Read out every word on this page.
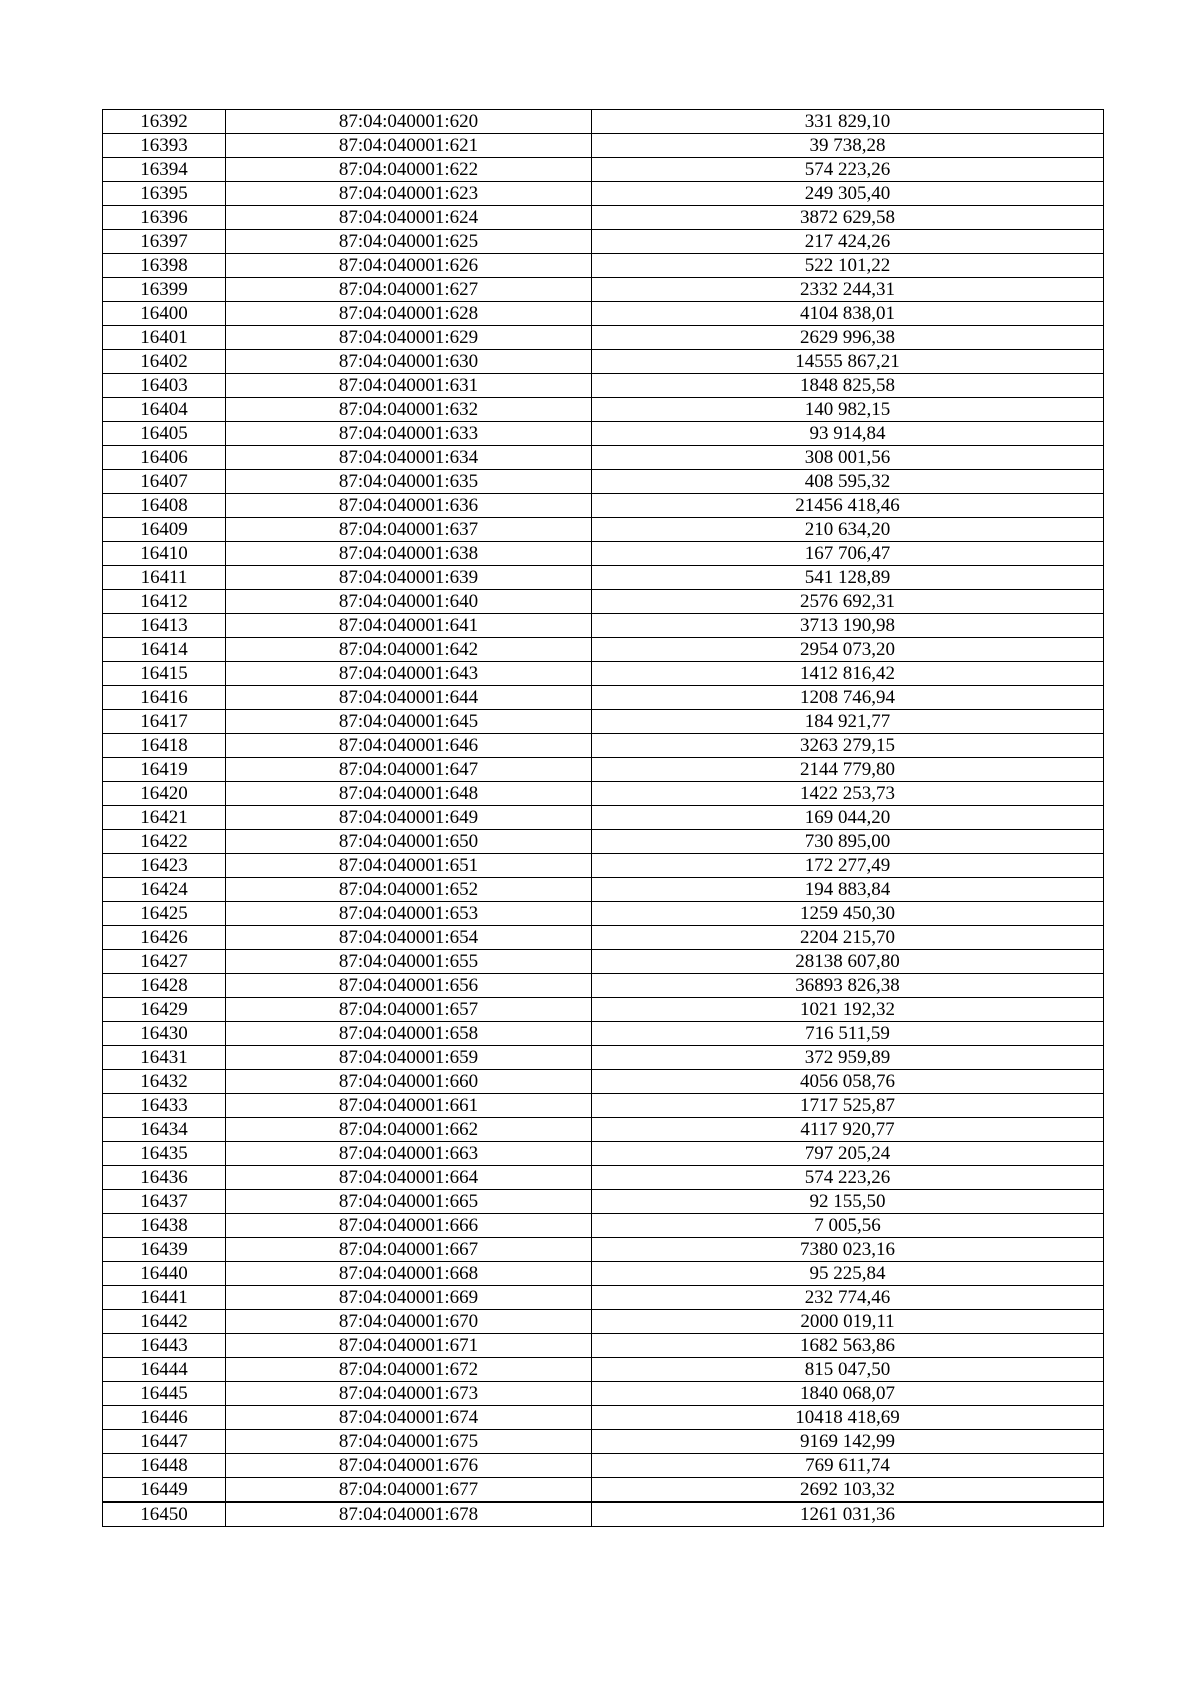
16392	87:04:040001:620	331 829,10
16393	87:04:040001:621	39 738,28
16394	87:04:040001:622	574 223,26
16395	87:04:040001:623	249 305,40
16396	87:04:040001:624	3872 629,58
16397	87:04:040001:625	217 424,26
16398	87:04:040001:626	522 101,22
16399	87:04:040001:627	2332 244,31
16400	87:04:040001:628	4104 838,01
16401	87:04:040001:629	2629 996,38
16402	87:04:040001:630	14555 867,21
16403	87:04:040001:631	1848 825,58
16404	87:04:040001:632	140 982,15
16405	87:04:040001:633	93 914,84
16406	87:04:040001:634	308 001,56
16407	87:04:040001:635	408 595,32
16408	87:04:040001:636	21456 418,46
16409	87:04:040001:637	210 634,20
16410	87:04:040001:638	167 706,47
16411	87:04:040001:639	541 128,89
16412	87:04:040001:640	2576 692,31
16413	87:04:040001:641	3713 190,98
16414	87:04:040001:642	2954 073,20
16415	87:04:040001:643	1412 816,42
16416	87:04:040001:644	1208 746,94
16417	87:04:040001:645	184 921,77
16418	87:04:040001:646	3263 279,15
16419	87:04:040001:647	2144 779,80
16420	87:04:040001:648	1422 253,73
16421	87:04:040001:649	169 044,20
16422	87:04:040001:650	730 895,00
16423	87:04:040001:651	172 277,49
16424	87:04:040001:652	194 883,84
16425	87:04:040001:653	1259 450,30
16426	87:04:040001:654	2204 215,70
16427	87:04:040001:655	28138 607,80
16428	87:04:040001:656	36893 826,38
16429	87:04:040001:657	1021 192,32
16430	87:04:040001:658	716 511,59
16431	87:04:040001:659	372 959,89
16432	87:04:040001:660	4056 058,76
16433	87:04:040001:661	1717 525,87
16434	87:04:040001:662	4117 920,77
16435	87:04:040001:663	797 205,24
16436	87:04:040001:664	574 223,26
16437	87:04:040001:665	92 155,50
16438	87:04:040001:666	7 005,56
16439	87:04:040001:667	7380 023,16
16440	87:04:040001:668	95 225,84
16441	87:04:040001:669	232 774,46
16442	87:04:040001:670	2000 019,11
16443	87:04:040001:671	1682 563,86
16444	87:04:040001:672	815 047,50
16445	87:04:040001:673	1840 068,07
16446	87:04:040001:674	10418 418,69
16447	87:04:040001:675	9169 142,99
16448	87:04:040001:676	769 611,74
16449	87:04:040001:677	2692 103,32
16450	87:04:040001:678	1261 031,36
